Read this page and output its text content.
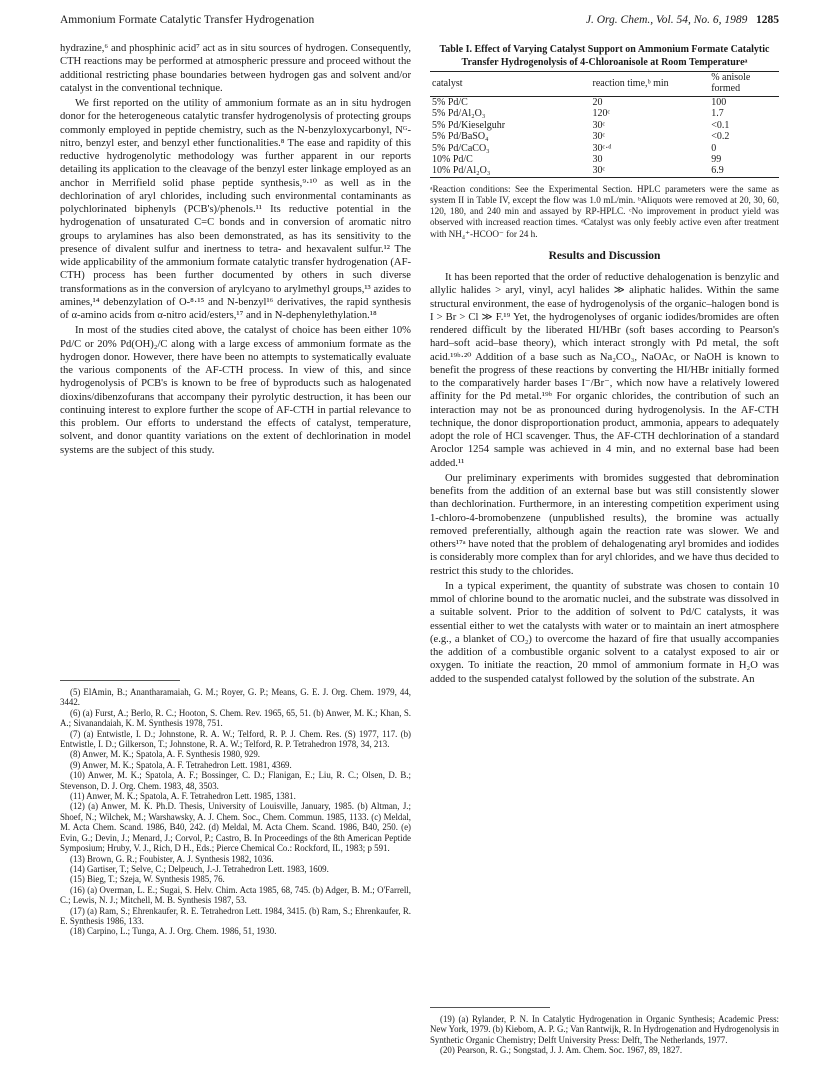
Ammonium Formate Catalytic Transfer Hydrogenation	J. Org. Chem., Vol. 54, No. 6, 1989 1285

hydrazine,⁶ and phosphinic acid⁷ act as in situ sources of hydrogen. Consequently, CTH reactions may be performed at atmospheric pressure and proceed without the additional restricting phase boundaries between hydrogen gas and solvent and/or catalyst in the conventional technique.

We first reported on the utility of ammonium formate as an in situ hydrogen donor for the heterogeneous catalytic transfer hydrogenolysis of protecting groups commonly employed in peptide chemistry, such as the N-benzyloxycarbonyl, Nᴳ-nitro, benzyl ester, and benzyl ether functionalities.⁸ The ease and rapidity of this reductive hydrogenolytic methodology was further apparent in our reports detailing its application to the cleavage of the benzyl ester linkage employed as an anchor in Merrifield solid phase peptide synthesis,⁹·¹⁰ as well as in the dechlorination of aryl chlorides, including such environmental contaminants as polychlorinated biphenyls (PCB's)/phenols.¹¹ Its reductive potential in the hydrogenation of unsaturated C=C bonds and in conversion of aromatic nitro groups to arylamines has also been demonstrated, as has its sensitivity to the presence of divalent sulfur and inertness to tetra- and hexavalent sulfur.¹² The wide applicability of the ammonium formate catalytic transfer hydrogenation (AF-CTH) process has been further documented by others in such diverse transformations as in the conversion of arylcyano to arylmethyl groups,¹³ azides to amines,¹⁴ debenzylation of O-⁸·¹⁵ and N-benzyl¹⁶ derivatives, the rapid synthesis of α-amino acids from α-nitro acid/esters,¹⁷ and in N-dephenylethylation.¹⁸

In most of the studies cited above, the catalyst of choice has been either 10% Pd/C or 20% Pd(OH)₂/C along with a large excess of ammonium formate as the hydrogen donor. However, there have been no attempts to systematically evaluate the various components of the AF-CTH process. In view of this, and since hydrogenolysis of PCB's is known to be free of byproducts such as halogenated dioxins/dibenzofurans that accompany their pyrolytic destruction, it has been our continuing interest to explore further the scope of AF-CTH in partial relevance to this problem. Our efforts to understand the effects of catalyst, temperature, solvent, and donor quantity variations on the extent of dechlorination in model systems are the subject of this study.

(5) ElAmin, B.; Anantharamaiah, G. M.; Royer, G. P.; Means, G. E. J. Org. Chem. 1979, 44, 3442.
(6) (a) Furst, A.; Berlo, R. C.; Hooton, S. Chem. Rev. 1965, 65, 51. (b) Anwer, M. K.; Khan, S. A.; Sivanandaiah, K. M. Synthesis 1978, 751.
(7) (a) Entwistle, I. D.; Johnstone, R. A. W.; Telford, R. P. J. Chem. Res. (S) 1977, 117. (b) Entwistle, I. D.; Gilkerson, T.; Johnstone, R. A. W.; Telford, R. P. Tetrahedron 1978, 34, 213.
(8) Anwer, M. K.; Spatola, A. F. Synthesis 1980, 929.
(9) Anwer, M. K.; Spatola, A. F. Tetrahedron Lett. 1981, 4369.
(10) Anwer, M. K.; Spatola, A. F.; Bossinger, C. D.; Flanigan, E.; Liu, R. C.; Olsen, D. B.; Stevenson, D. J. Org. Chem. 1983, 48, 3503.
(11) Anwer, M. K.; Spatola, A. F. Tetrahedron Lett. 1985, 1381.
(12) (a) Anwer, M. K. Ph.D. Thesis, University of Louisville, January, 1985. (b) Altman, J.; Shoef, N.; Wilchek, M.; Warshawsky, A. J. Chem. Soc., Chem. Commun. 1985, 1133. (c) Meldal, M. Acta Chem. Scand. 1986, B40, 242. (d) Meldal, M. Acta Chem. Scand. 1986, B40, 250. (e) Evin, G.; Devin, J.; Menard, J.; Corvol, P.; Castro, B. In Proceedings of the 8th American Peptide Symposium; Hruby, V. J., Rich, D H., Eds.; Pierce Chemical Co.: Rockford, IL, 1983; p 591.
(13) Brown, G. R.; Foubister, A. J. Synthesis 1982, 1036.
(14) Gartiser, T.; Selve, C.; Delpeuch, J.-J. Tetrahedron Lett. 1983, 1609.
(15) Bieg, T.; Szeja, W. Synthesis 1985, 76.
(16) (a) Overman, L. E.; Sugai, S. Helv. Chim. Acta 1985, 68, 745. (b) Adger, B. M.; O'Farrell, C.; Lewis, N. J.; Mitchell, M. B. Synthesis 1987, 53.
(17) (a) Ram, S.; Ehrenkaufer, R. E. Tetrahedron Lett. 1984, 3415. (b) Ram, S.; Ehrenkaufer, R. E. Synthesis 1986, 133.
(18) Carpino, L.; Tunga, A. J. Org. Chem. 1986, 51, 1930.
Table I. Effect of Varying Catalyst Support on Ammonium Formate Catalytic Transfer Hydrogenolysis of 4-Chloroanisole at Room Temperatureᵃ
catalyst	reaction time,ᵇ min	% anisole formed

5% Pd/C	20	100
5% Pd/Al₂O₃	120ᶜ	1.7
5% Pd/Kieselguhr	30ᶜ	<0.1
5% Pd/BaSO₄	30ᶜ	<0.2
5% Pd/CaCO₃	30ᶜ·ᵈ	0
10% Pd/C	30	99
10% Pd/Al₂O₃	30ᶜ	6.9
ᵃReaction conditions: See the Experimental Section. HPLC parameters were the same as system II in Table IV, except the flow was 1.0 mL/min. ᵇAliquots were removed at 20, 30, 60, 120, 180, and 240 min and assayed by RP-HPLC. ᶜNo improvement in product yield was observed with increased reaction times. ᵈCatalyst was only feebly active even after treatment with NH₄⁺-HCOO⁻ for 24 h.
Results and Discussion

It has been reported that the order of reductive dehalogenation is benzylic and allylic halides > aryl, vinyl, acyl halides ≫ aliphatic halides. Within the same structural environment, the ease of hydrogenolysis of the organic–halogen bond is I > Br > Cl ≫ F.¹⁹ Yet, the hydrogenolyses of organic iodides/bromides are often rendered difficult by the liberated HI/HBr (soft bases according to Pearson's hard–soft acid–base theory), which interact strongly with Pd metal, the soft acid.¹⁹ᵇ·²⁰ Addition of a base such as Na₂CO₃, NaOAc, or NaOH is known to benefit the progress of these reactions by converting the HI/HBr initially formed to the comparatively harder bases I⁻/Br⁻, which now have a relatively lowered affinity for the Pd metal.¹⁹ᵇ For organic chlorides, the contribution of such an interaction may not be as pronounced during hydrogenolysis. In the AF-CTH technique, the donor disproportionation product, ammonia, appears to adequately adopt the role of HCl scavenger. Thus, the AF-CTH dechlorination of a standard Aroclor 1254 sample was achieved in 4 min, and no external base had been added.¹¹

Our preliminary experiments with bromides suggested that debromination benefits from the addition of an external base but was still consistently slower than dechlorination. Furthermore, in an interesting competition experiment using 1-chloro-4-bromobenzene (unpublished results), the bromine was actually removed preferentially, although again the reaction rate was slower. We and others¹⁷ᵃ have noted that the problem of dehalogenating aryl bromides and iodides is considerably more complex than for aryl chlorides, and we have thus decided to restrict this study to the chlorides.

In a typical experiment, the quantity of substrate was chosen to contain 10 mmol of chlorine bound to the aromatic nuclei, and the substrate was dissolved in a suitable solvent. Prior to the addition of solvent to Pd/C catalysts, it was essential either to wet the catalysts with water or to maintain an inert atmosphere (e.g., a blanket of CO₂) to overcome the hazard of fire that usually accompanies the addition of a combustible organic solvent to a catalyst exposed to air or oxygen. To initiate the reaction, 20 mmol of ammonium formate in H₂O was added to the suspended catalyst followed by the solution of the substrate. An

(19) (a) Rylander, P. N. In Catalytic Hydrogenation in Organic Synthesis; Academic Press: New York, 1979. (b) Kiebom, A. P. G.; Van Rantwijk, R. In Hydrogenation and Hydrogenolysis in Synthetic Organic Chemistry; Delft University Press: Delft, The Netherlands, 1977.
(20) Pearson, R. G.; Songstad, J. J. Am. Chem. Soc. 1967, 89, 1827.
